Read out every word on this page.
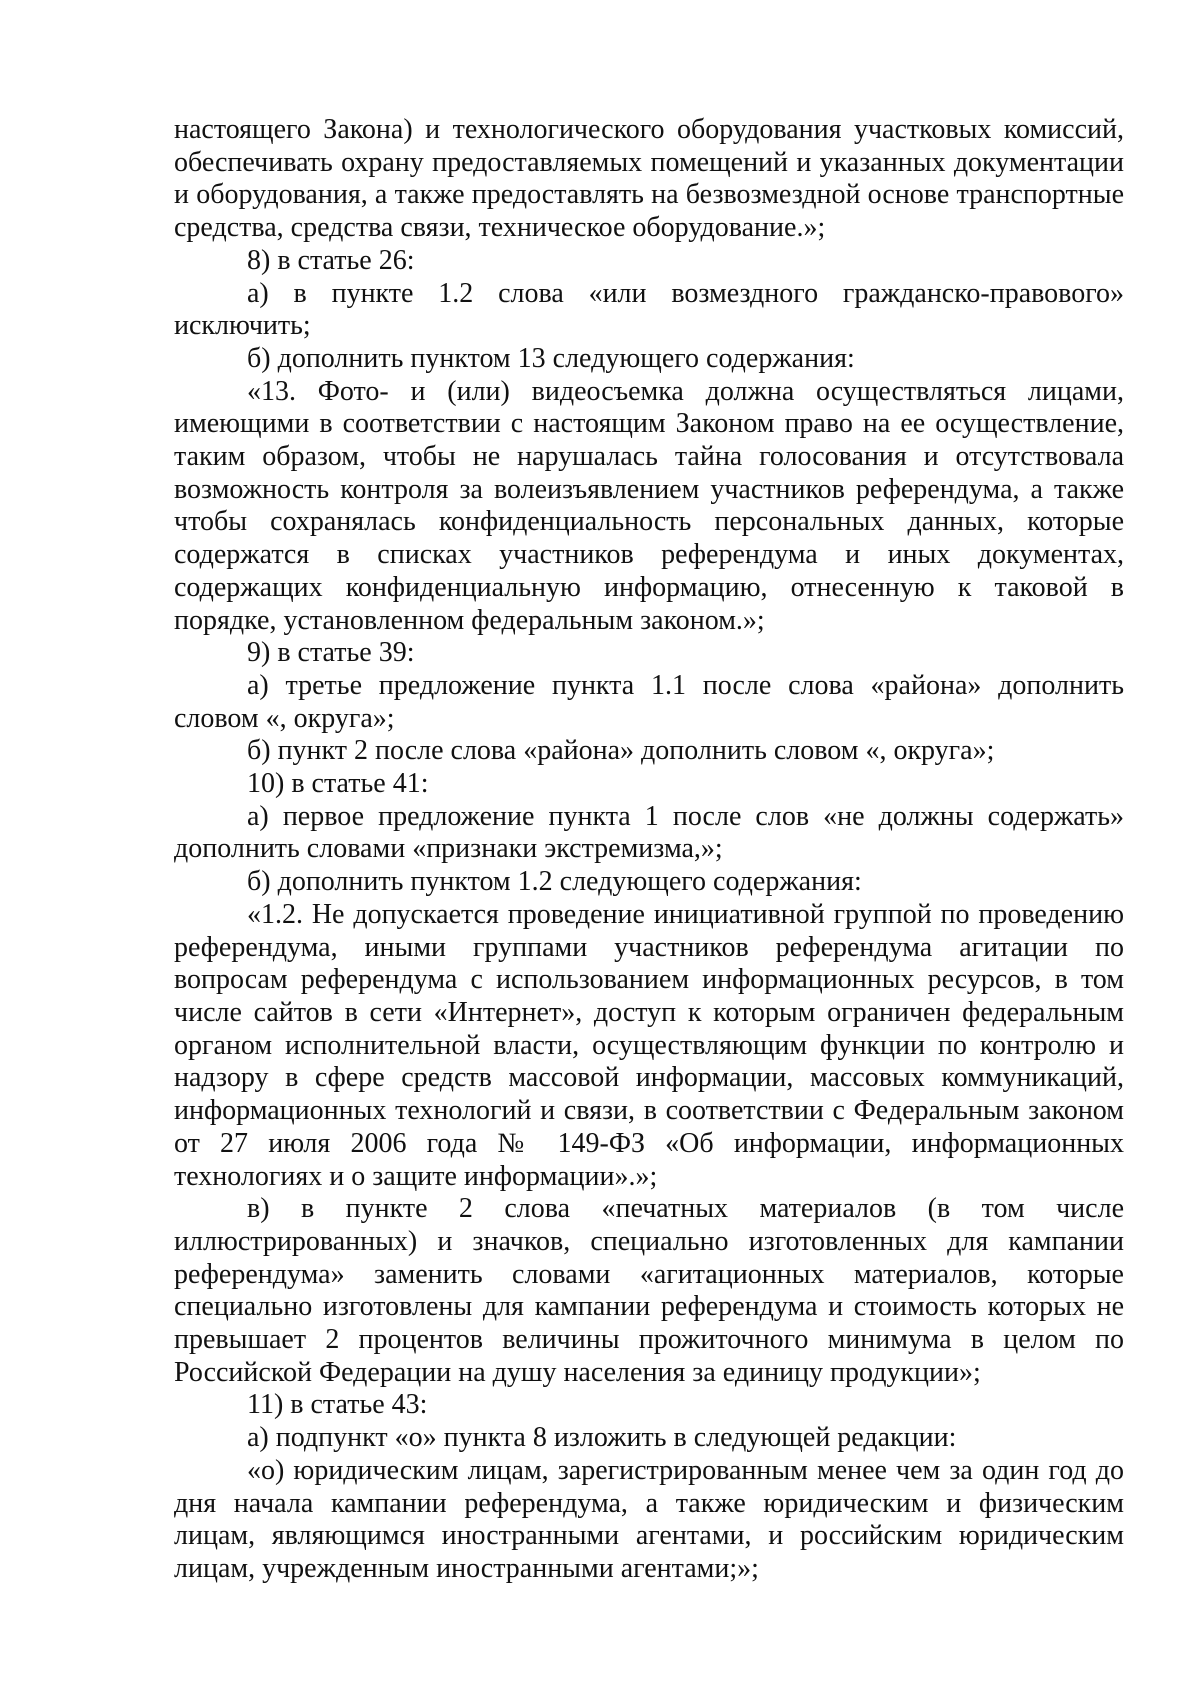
настоящего Закона) и технологического оборудования участковых комиссий, обеспечивать охрану предоставляемых помещений и указанных документации и оборудования, а также предоставлять на безвозмездной основе транспортные средства, средства связи, техническое оборудование.»;

8) в статье 26:

а) в пункте 1.2 слова «или возмездного гражданско-правового» исключить;

б) дополнить пунктом 13 следующего содержания:

«13. Фото- и (или) видеосъемка должна осуществляться лицами, имеющими в соответствии с настоящим Законом право на ее осуществление, таким образом, чтобы не нарушалась тайна голосования и отсутствовала возможность контроля за волеизъявлением участников референдума, а также чтобы сохранялась конфиденциальность персональных данных, которые содержатся в списках участников референдума и иных документах, содержащих конфиденциальную информацию, отнесенную к таковой в порядке, установленном федеральным законом.»;

9) в статье 39:

а) третье предложение пункта 1.1 после слова «района» дополнить словом «, округа»;

б) пункт 2 после слова «района» дополнить словом «, округа»;

10) в статье 41:

а) первое предложение пункта 1 после слов «не должны содержать» дополнить словами «признаки экстремизма,»;

б) дополнить пунктом 1.2 следующего содержания:

«1.2. Не допускается проведение инициативной группой по проведению референдума, иными группами участников референдума агитации по вопросам референдума с использованием информационных ресурсов, в том числе сайтов в сети «Интернет», доступ к которым ограничен федеральным органом исполнительной власти, осуществляющим функции по контролю и надзору в сфере средств массовой информации, массовых коммуникаций, информационных технологий и связи, в соответствии с Федеральным законом от 27 июля 2006 года № 149-ФЗ «Об информации, информационных технологиях и о защите информации».»;

в) в пункте 2 слова «печатных материалов (в том числе иллюстрированных) и значков, специально изготовленных для кампании референдума» заменить словами «агитационных материалов, которые специально изготовлены для кампании референдума и стоимость которых не превышает 2 процентов величины прожиточного минимума в целом по Российской Федерации на душу населения за единицу продукции»;

11) в статье 43:

а) подпункт «о» пункта 8 изложить в следующей редакции:

«о) юридическим лицам, зарегистрированным менее чем за один год до дня начала кампании референдума, а также юридическим и физическим лицам, являющимся иностранными агентами, и российским юридическим лицам, учрежденным иностранными агентами;»;
